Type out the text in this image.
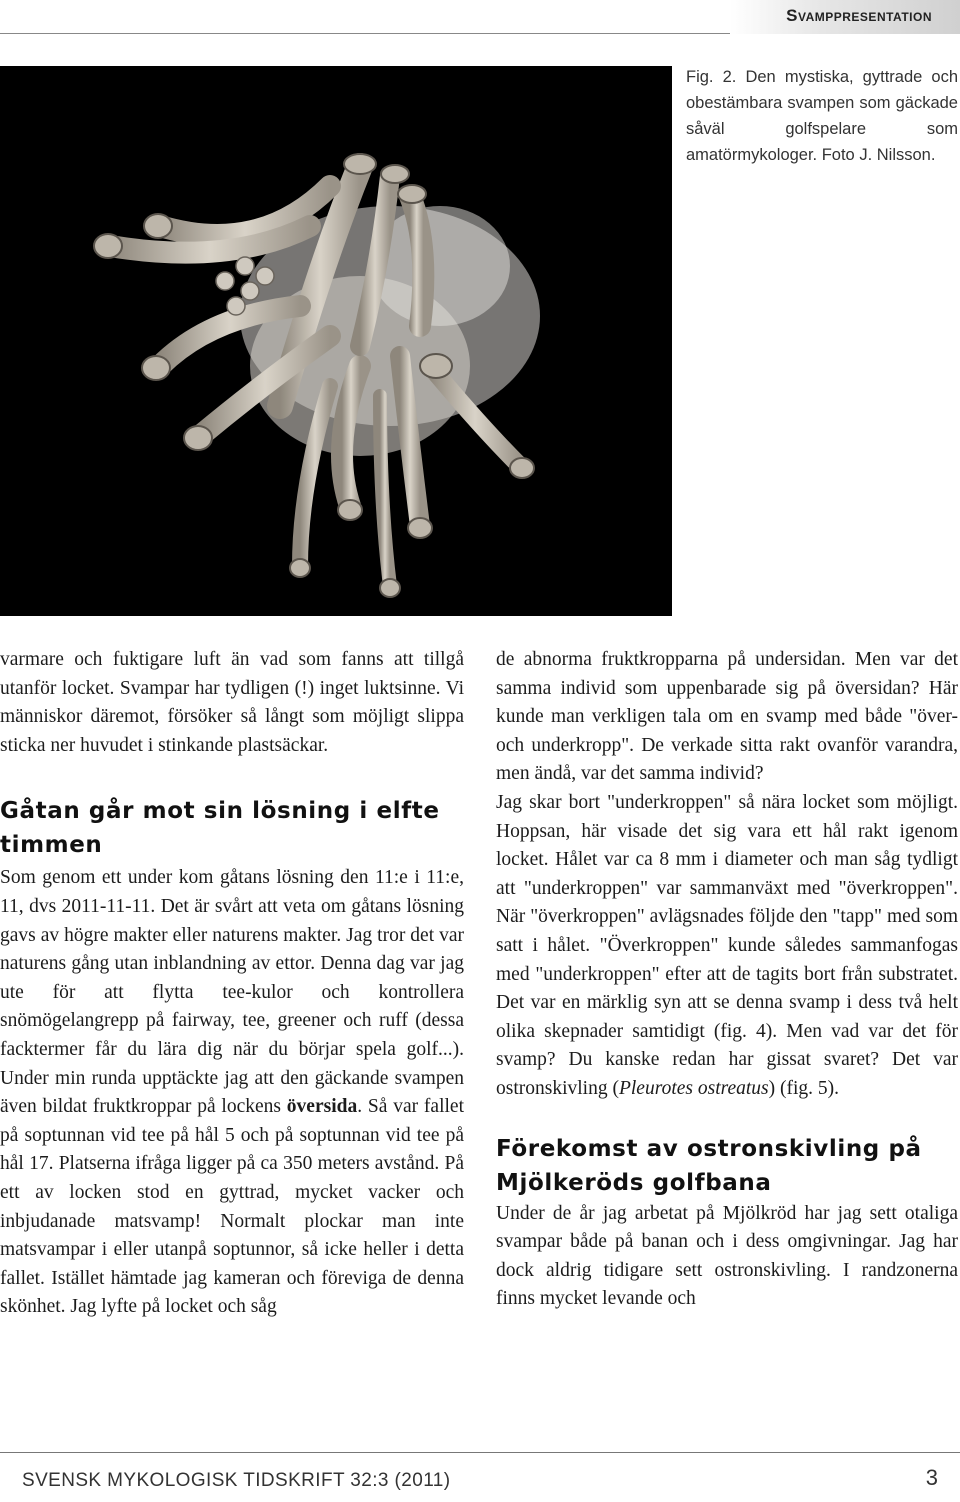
Svamppresentation
Fig. 2. Den mystiska, gyttrade och obestämbara svampen som gäckade såväl golfspelare som amatörmykologer. Foto J. Nilsson.

varmare och fuktigare luft än vad som fanns att tillgå utanför locket. Svampar har tydligen (!) inget luktsinne. Vi människor däremot, försöker så långt som möjligt slippa sticka ner huvudet i stinkande plastsäckar.

Gåtan går mot sin lösning i elfte timmen

Som genom ett under kom gåtans lösning den 11:e i 11:e, 11, dvs 2011-11-11. Det är svårt att veta om gåtans lösning gavs av högre makter eller naturens makter. Jag tror det var naturens gång utan inblandning av ettor. Denna dag var jag ute för att flytta tee-kulor och kontrollera snömögelangrepp på fairway, tee, greener och ruff (dessa facktermer får du lära dig när du börjar spela golf...). Under min runda upptäckte jag att den gäckande svampen även bildat fruktkroppar på lockens översida. Så var fallet på soptunnan vid tee på hål 5 och på soptunnan vid tee på hål 17. Platserna ifråga ligger på ca 350 meters avstånd. På ett av locken stod en gyttrad, mycket vacker och inbjudanade matsvamp! Normalt plockar man inte matsvampar i eller utanpå soptunnor, så icke heller i detta fallet. Istället hämtade jag kameran och föreviga de denna skönhet. Jag lyfte på locket och såg

de abnorma fruktkropparna på undersidan. Men var det samma individ som uppenbarade sig på översidan? Här kunde man verkligen tala om en svamp med både "över- och underkropp". De verkade sitta rakt ovanför varandra, men ändå, var det samma individ?

Jag skar bort "underkroppen" så nära locket som möjligt. Hoppsan, här visade det sig vara ett hål rakt igenom locket. Hålet var ca 8 mm i diameter och man såg tydligt att "underkroppen" var sammanväxt med "överkroppen". När "överkroppen" avlägsnades följde den "tapp" med som satt i hålet. "Överkroppen" kunde således sammanfogas med "underkroppen" efter att de tagits bort från substratet. Det var en märklig syn att se denna svamp i dess två helt olika skepnader samtidigt (fig. 4). Men vad var det för svamp? Du kanske redan har gissat svaret? Det var ostronskivling (Pleurotes ostreatus) (fig. 5).

Förekomst av ostronskivling på Mjölkeröds golfbana

Under de år jag arbetat på Mjölkröd har jag sett otaliga svampar både på banan och i dess omgivningar. Jag har dock aldrig tidigare sett ostronskivling. I randzonerna finns mycket levande och

SVENSK MYKOLOGISK TIDSKRIFT 32:3 (2011)	3
